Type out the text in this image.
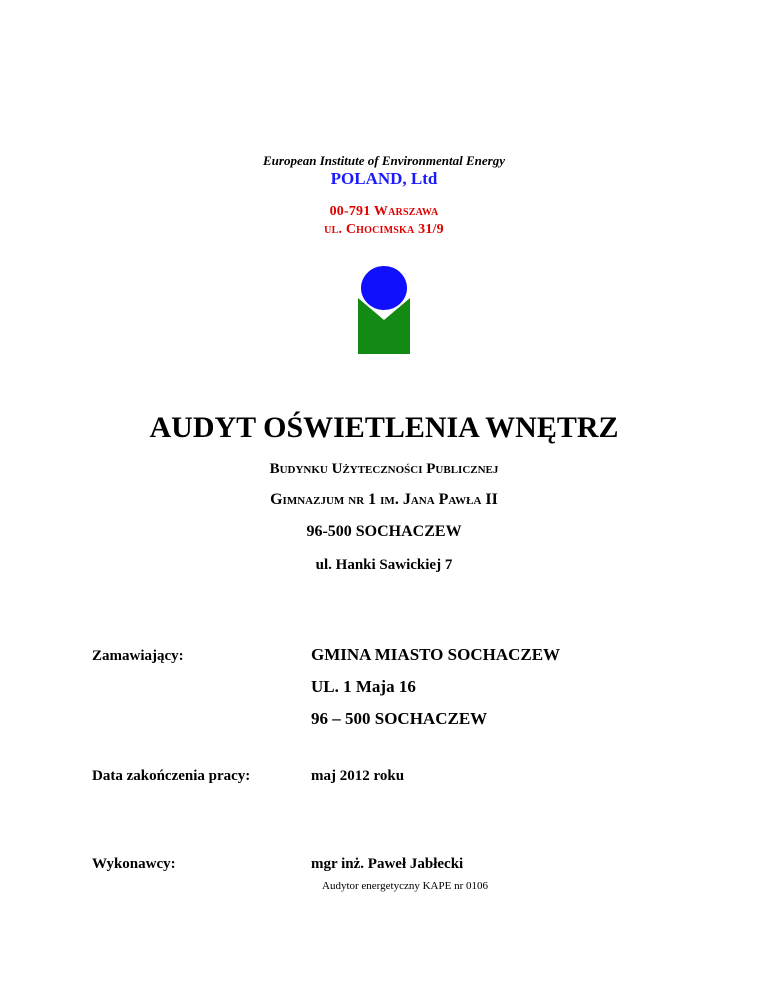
European Institute of Environmental Energy
POLAND, Ltd
00-791 Warszawa
ul. Chocimska 31/9
AUDYT OŚWIETLENIA WNĘTRZ
Budynku Użyteczności Publicznej
Gimnazjum nr 1 im. Jana Pawła II
96-500 SOCHACZEW
ul. Hanki Sawickiej 7
Zamawiający:	GMINA MIASTO SOCHACZEW
UL. 1 Maja 16
96 – 500 SOCHACZEW
Data zakończenia pracy:	maj 2012 roku
Wykonawcy:	mgr inż. Paweł Jabłecki
Audytor energetyczny KAPE nr 0106
